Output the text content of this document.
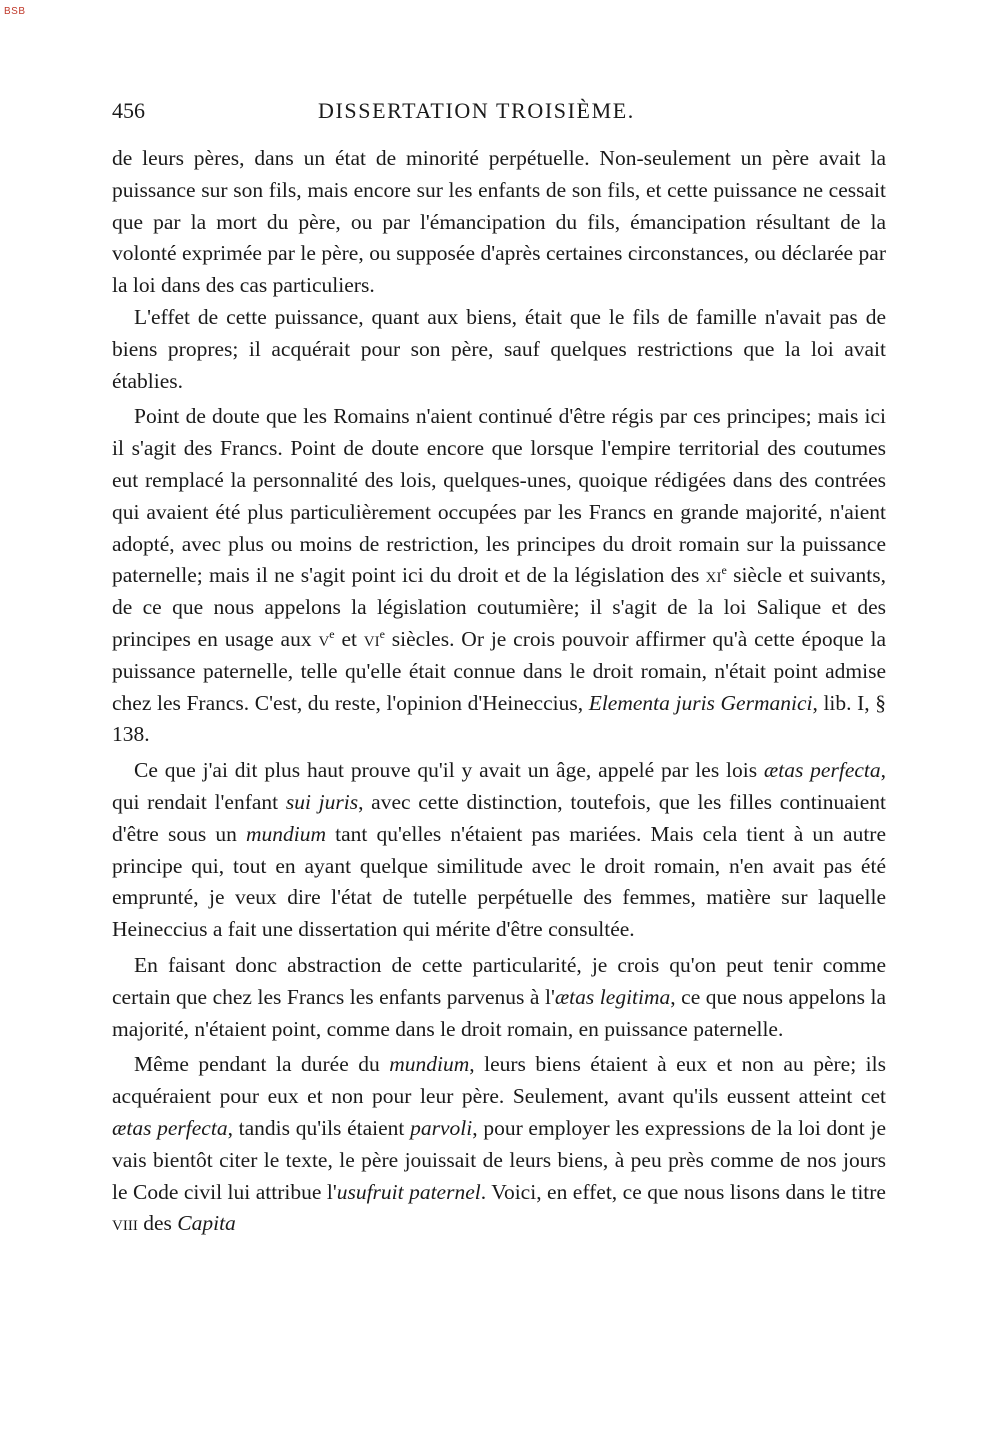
BSB
456	DISSERTATION TROISIÈME.

de leurs pères, dans un état de minorité perpétuelle. Non-seulement un père avait la puissance sur son fils, mais encore sur les enfants de son fils, et cette puissance ne cessait que par la mort du père, ou par l'émancipation du fils, émancipation résultant de la volonté exprimée par le père, ou supposée d'après certaines circonstances, ou déclarée par la loi dans des cas particuliers.

L'effet de cette puissance, quant aux biens, était que le fils de famille n'avait pas de biens propres; il acquérait pour son père, sauf quelques restrictions que la loi avait établies.

Point de doute que les Romains n'aient continué d'être régis par ces principes; mais ici il s'agit des Francs. Point de doute encore que lorsque l'empire territorial des coutumes eut remplacé la personnalité des lois, quelques-unes, quoique rédigées dans des contrées qui avaient été plus particulièrement occupées par les Francs en grande majorité, n'aient adopté, avec plus ou moins de restriction, les principes du droit romain sur la puissance paternelle; mais il ne s'agit point ici du droit et de la législation des $xi^e$ siècle et suivants, de ce que nous appelons la législation coutumière; il s'agit de la loi Salique et des principes en usage aux $v^e$ et $vi^e$ siècles. Or je crois pouvoir affirmer qu'à cette époque la puissance paternelle, telle qu'elle était connue dans le droit romain, n'était point admise chez les Francs. C'est, du reste, l'opinion d'Heineccius, Elementa juris Germanici, lib. I, § 138.

Ce que j'ai dit plus haut prouve qu'il y avait un âge, appelé par les lois ætas perfecta, qui rendait l'enfant sui juris, avec cette distinction, toutefois, que les filles continuaient d'être sous un mundium tant qu'elles n'étaient pas mariées. Mais cela tient à un autre principe qui, tout en ayant quelque similitude avec le droit romain, n'en avait pas été emprunté, je veux dire l'état de tutelle perpétuelle des femmes, matière sur laquelle Heineccius a fait une dissertation qui mérite d'être consultée.

En faisant donc abstraction de cette particularité, je crois qu'on peut tenir comme certain que chez les Francs les enfants parvenus à l'ætas legitima, ce que nous appelons la majorité, n'étaient point, comme dans le droit romain, en puissance paternelle.

Même pendant la durée du mundium, leurs biens étaient à eux et non au père; ils acquéraient pour eux et non pour leur père. Seulement, avant qu'ils eussent atteint cet ætas perfecta, tandis qu'ils étaient parvoli, pour employer les expressions de la loi dont je vais bientôt citer le texte, le père jouissait de leurs biens, à peu près comme de nos jours le Code civil lui attribue l'usufruit paternel. Voici, en effet, ce que nous lisons dans le titre viii des Capita
